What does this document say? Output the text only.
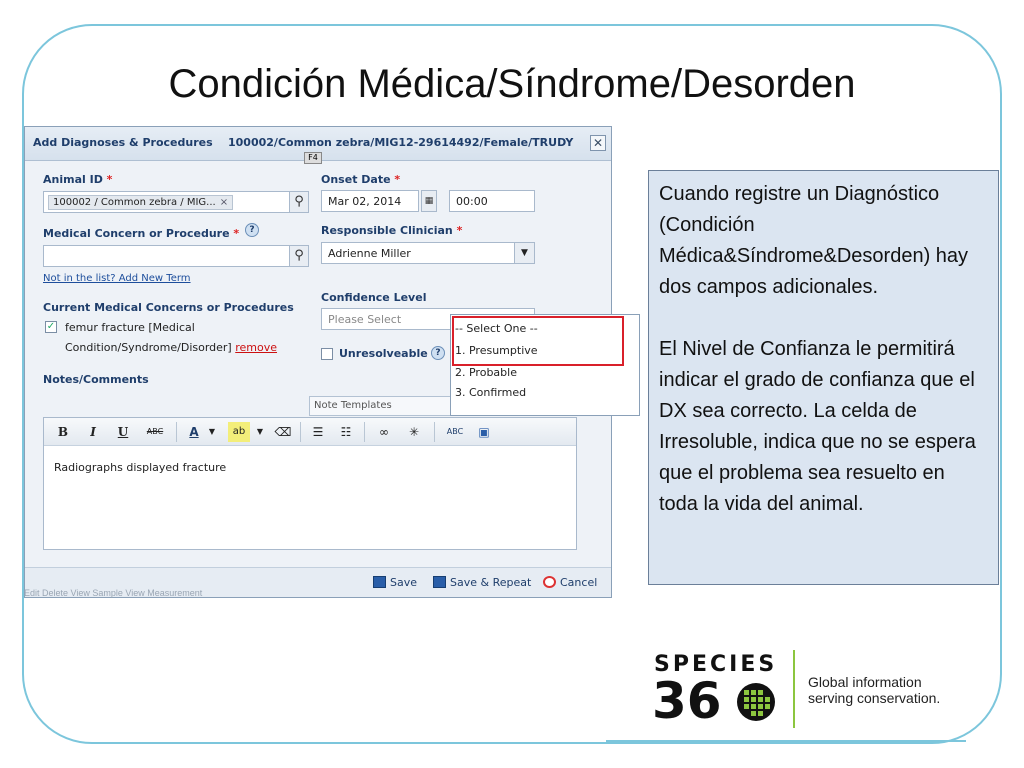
Condición Médica/Síndrome/Desorden
Add Diagnoses & Procedures 100002/Common zebra/MIG12-29614492/Female/TRUDY ✕
F4
Animal ID *
100002 / Common zebra / MIG... ×	⚲
Onset Date *
Mar 02, 2014	▦	00:00
Medical Concern or Procedure *	?
⚲
Not in the list? Add New Term
Responsible Clinician *
Adrienne Miller	▼
Current Medical Concerns or Procedures
✓ femur fracture [Medical
Condition/Syndrome/Disorder] remove
Confidence Level
Please Select
Unresolveable ?
Notes/Comments
Note Templates
B	I	U	ABC	A	▼	ab	▼ ⌫	☰	☷	∞	✳	ABC	▣
Radiographs displayed fracture
Save	Save & Repeat	Cancel
Edit Delete View Sample View Measurement
-- Select One --
1. Presumptive
2. Probable
3. Confirmed

Cuando registre un Diagnóstico (Condición Médica&Síndrome&Desorden) hay dos campos adicionales.

El Nivel de Confianza le permitirá indicar el grado de confianza que el DX sea correcto. La celda de Irresoluble, indica que no se espera que el problema sea resuelto en toda la vida del animal.

SPECIES
36	Global information
serving conservation.
